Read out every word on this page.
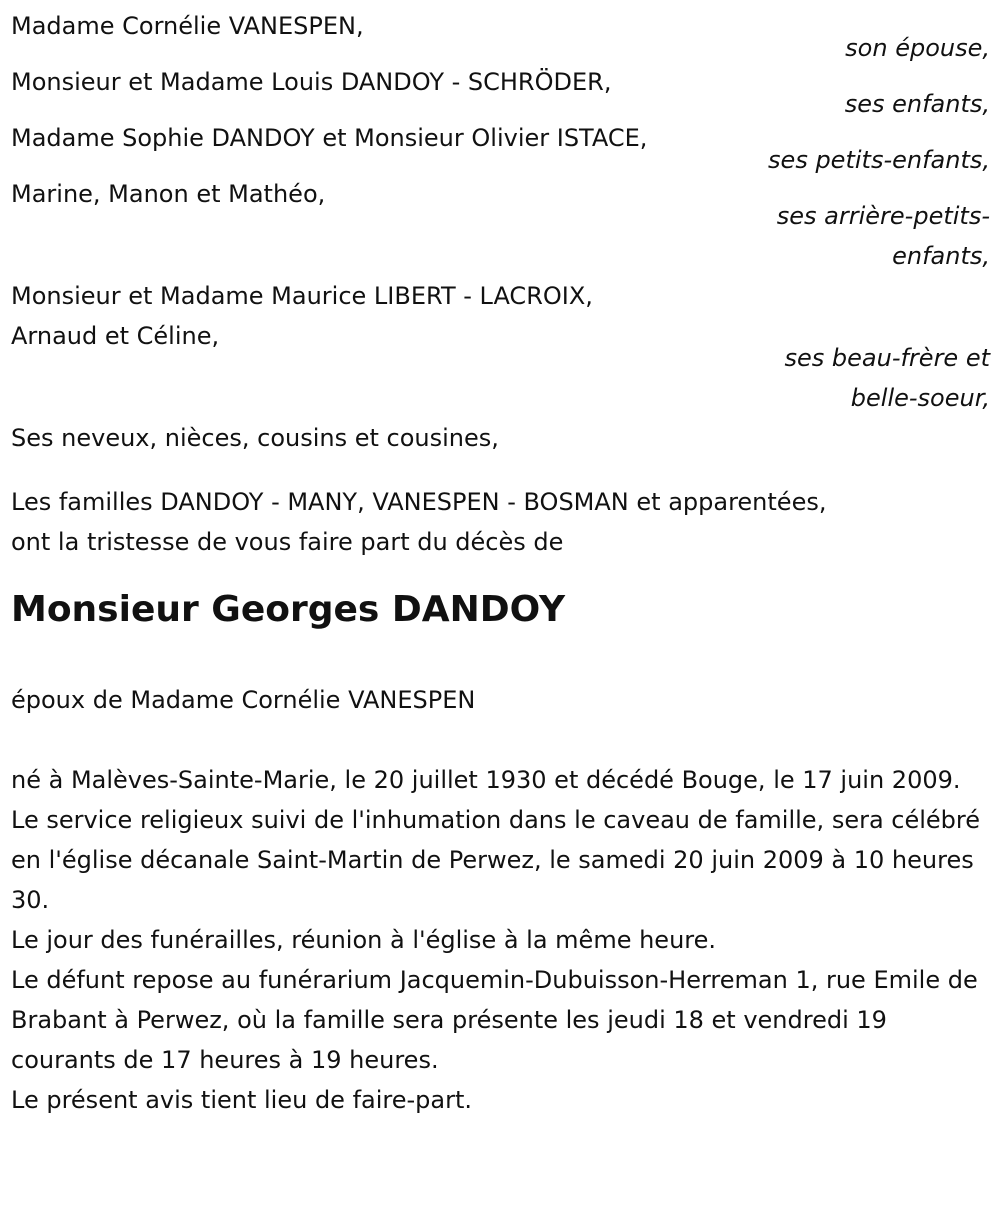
Madame Cornélie VANESPEN,
son épouse,
Monsieur et Madame Louis DANDOY - SCHRÖDER,
ses enfants,
Madame Sophie DANDOY et Monsieur Olivier ISTACE,
ses petits-enfants,
Marine, Manon et Mathéo,
ses arrière-petits-
enfants,
Monsieur et Madame Maurice LIBERT - LACROIX,
Arnaud et Céline,
ses beau-frère et
belle-soeur,
Ses neveux, nièces, cousins et cousines,
Les familles DANDOY - MANY, VANESPEN - BOSMAN et apparentées,
ont la tristesse de vous faire part du décès de
Monsieur Georges DANDOY
époux de Madame Cornélie VANESPEN
né à Malèves-Sainte-Marie, le 20 juillet 1930 et décédé Bouge, le 17 juin 2009.
Le service religieux suivi de l'inhumation dans le caveau de famille, sera célébré en l'église décanale Saint-Martin de Perwez, le samedi 20 juin 2009 à 10 heures 30.
Le jour des funérailles, réunion à l'église à la même heure.
Le défunt repose au funérarium Jacquemin-Dubuisson-Herreman 1, rue Emile de Brabant à Perwez, où la famille sera présente les jeudi 18 et vendredi 19 courants de 17 heures à 19 heures.
Le présent avis tient lieu de faire-part.
